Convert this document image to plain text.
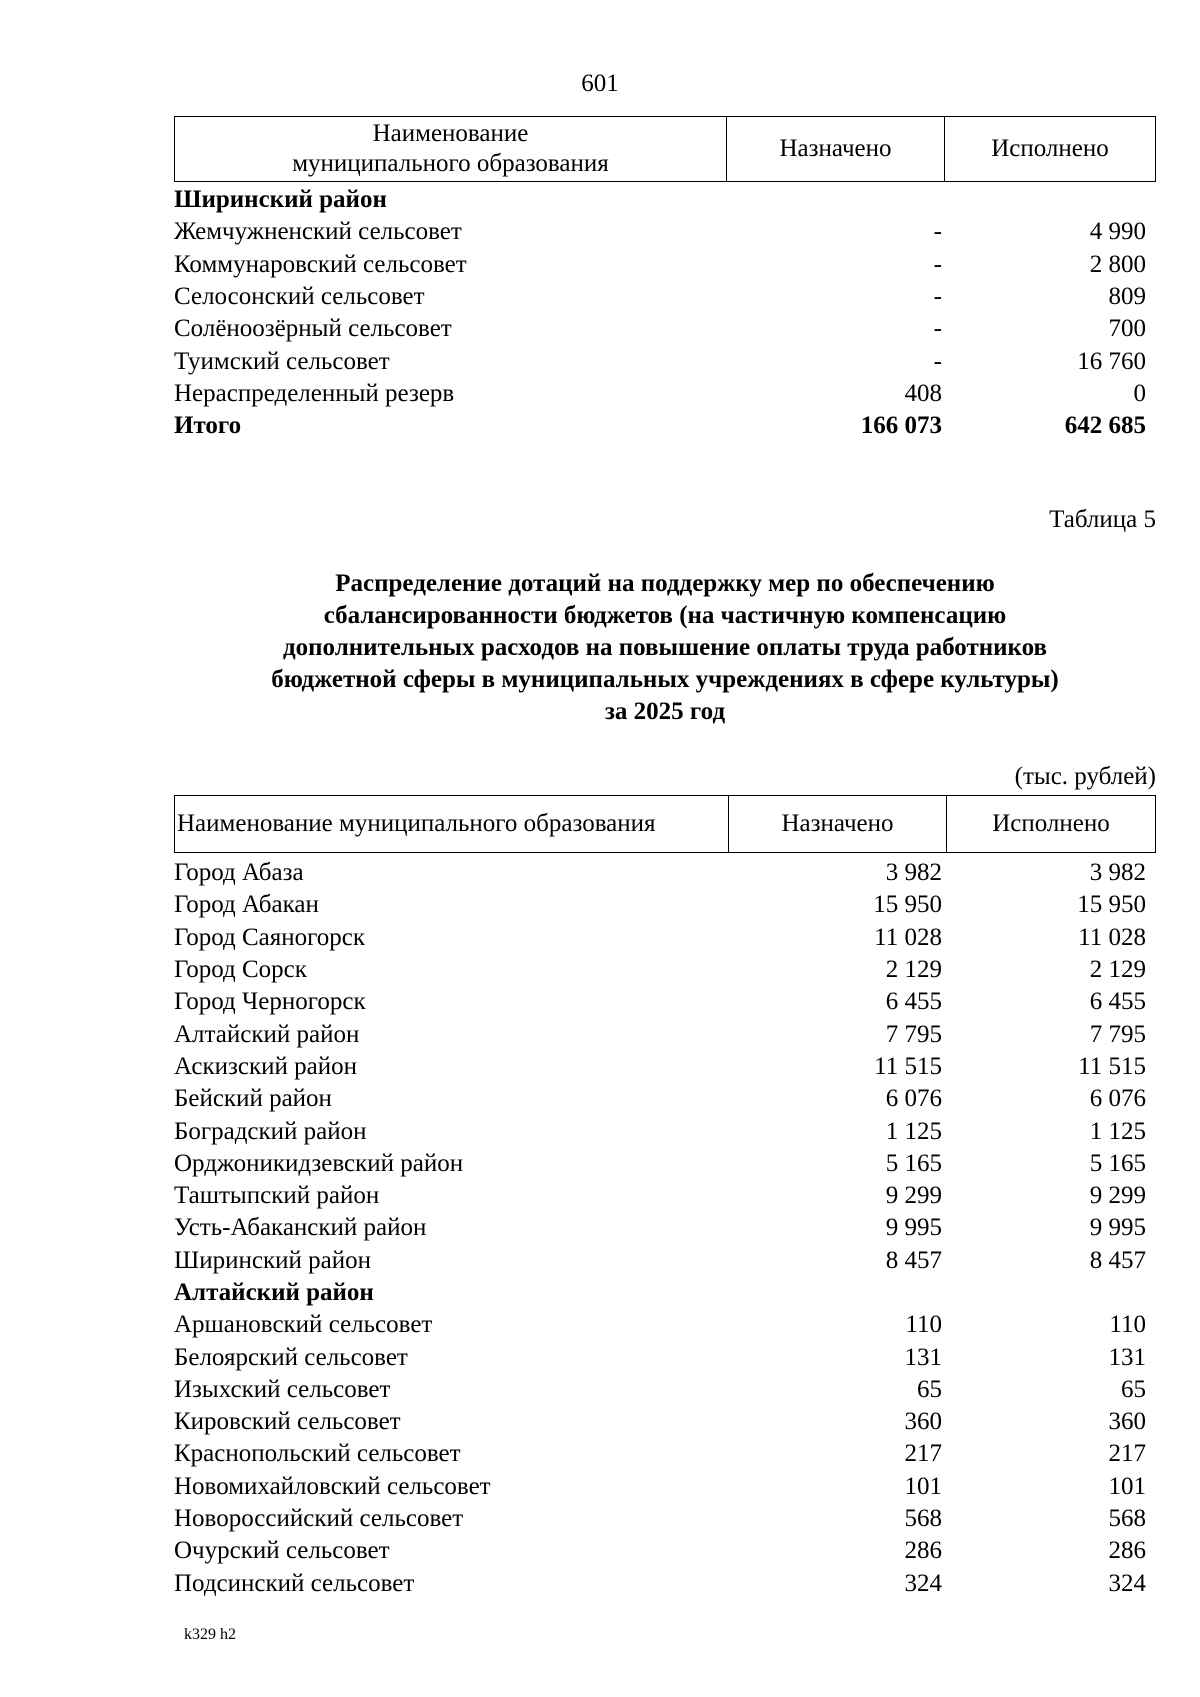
601
Наименование
муниципального образования
Назначено	Исполнено
Ширинский район
Жемчужненский сельсовет	-	4 990
Коммунаровский сельсовет	-	2 800
Селосонский сельсовет	-	809
Солёноозёрный сельсовет	-	700
Туимский сельсовет	-	16 760
Нераспределенный резерв	408	0
Итого	166 073	642 685
Таблица 5
Распределение дотаций на поддержку мер по обеспечению
сбалансированности бюджетов (на частичную компенсацию
дополнительных расходов на повышение оплаты труда работников
бюджетной сферы в муниципальных учреждениях в сфере культуры)
за 2025 год
(тыс. рублей)
Наименование муниципального образования	Назначено	Исполнено
Город Абаза	3 982	3 982
Город Абакан	15 950	15 950
Город Саяногорск	11 028	11 028
Город Сорск	2 129	2 129
Город Черногорск	6 455	6 455
Алтайский район	7 795	7 795
Аскизский район	11 515	11 515
Бейский район	6 076	6 076
Боградский район	1 125	1 125
Орджоникидзевский район	5 165	5 165
Таштыпский район	9 299	9 299
Усть-Абаканский район	9 995	9 995
Ширинский район	8 457	8 457
Алтайский район
Аршановский сельсовет	110	110
Белоярский сельсовет	131	131
Изыхский сельсовет	65	65
Кировский сельсовет	360	360
Краснопольский сельсовет	217	217
Новомихайловский сельсовет	101	101
Новороссийский сельсовет	568	568
Очурский сельсовет	286	286
Подсинский сельсовет	324	324
k329 h2
